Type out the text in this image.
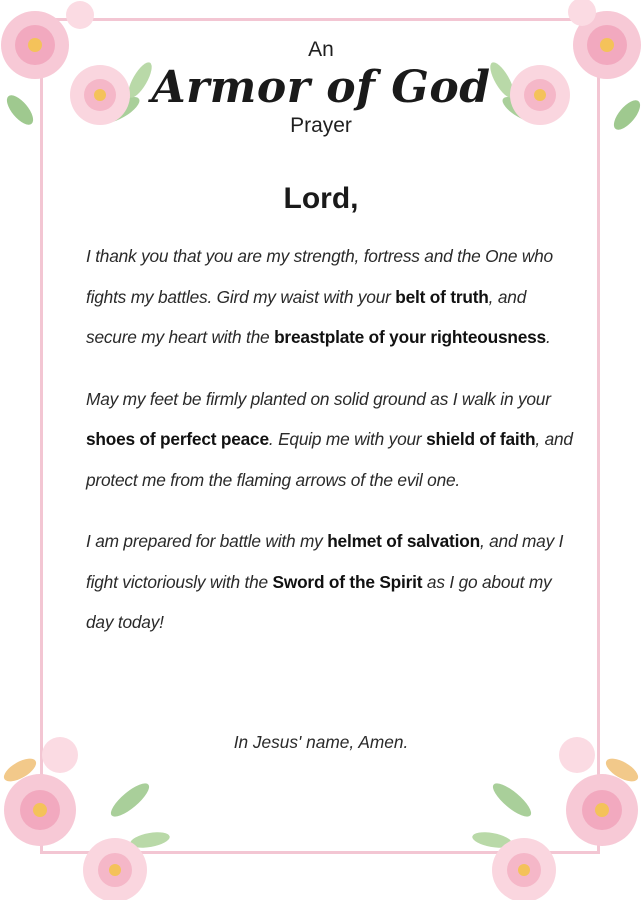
An
Armor of God
Prayer
Lord,

I thank you that you are my strength, fortress and the One who fights my battles. Gird my waist with your belt of truth, and secure my heart with the breastplate of your righteousness.

May my feet be firmly planted on solid ground as I walk in your shoes of perfect peace. Equip me with your shield of faith, and protect me from the flaming arrows of the evil one.

I am prepared for battle with my helmet of salvation, and may I fight victoriously with the Sword of the Spirit as I go about my day today!

In Jesus' name, Amen.
